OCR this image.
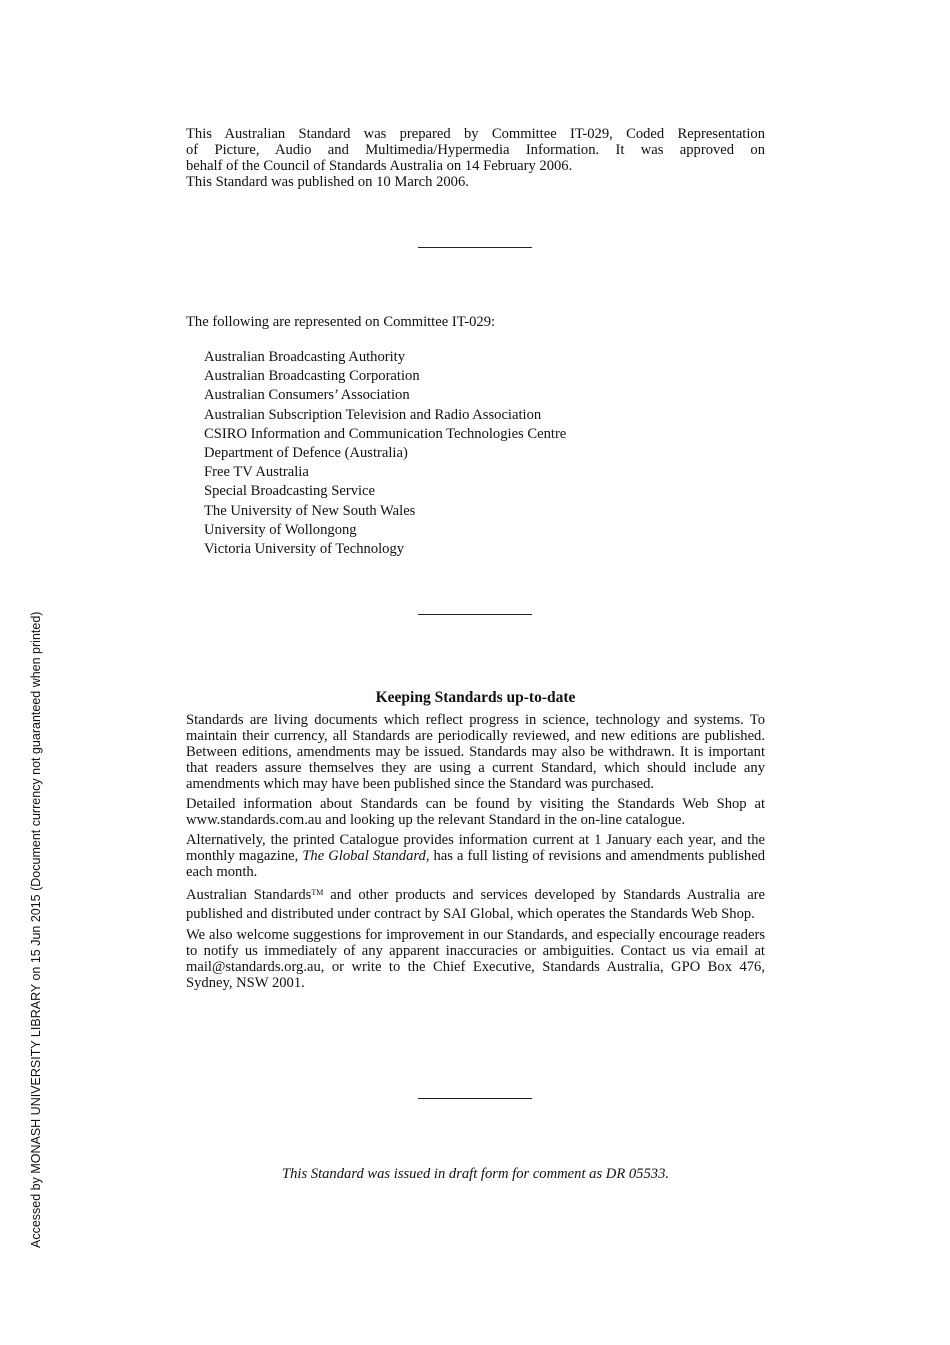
This Australian Standard was prepared by Committee IT-029, Coded Representation
of Picture, Audio and Multimedia/Hypermedia Information. It was approved on
behalf of the Council of Standards Australia on 14 February 2006.
This Standard was published on 10 March 2006.
The following are represented on Committee IT-029:
Australian Broadcasting Authority
Australian Broadcasting Corporation
Australian Consumers’ Association
Australian Subscription Television and Radio Association
CSIRO Information and Communication Technologies Centre
Department of Defence (Australia)
Free TV Australia
Special Broadcasting Service
The University of New South Wales
University of Wollongong
Victoria University of Technology
Keeping Standards up-to-date

Standards are living documents which reflect progress in science, technology and systems. To maintain their currency, all Standards are periodically reviewed, and new editions are published. Between editions, amendments may be issued. Standards may also be withdrawn. It is important that readers assure themselves they are using a current Standard, which should include any amendments which may have been published since the Standard was purchased.

Detailed information about Standards can be found by visiting the Standards Web Shop at www.standards.com.au and looking up the relevant Standard in the on-line catalogue.

Alternatively, the printed Catalogue provides information current at 1 January each year, and the monthly magazine, The Global Standard, has a full listing of revisions and amendments published each month.

Australian Standards™ and other products and services developed by Standards Australia are published and distributed under contract by SAI Global, which operates the Standards Web Shop.

We also welcome suggestions for improvement in our Standards, and especially encourage readers to notify us immediately of any apparent inaccuracies or ambiguities. Contact us via email at mail@standards.org.au, or write to the Chief Executive, Standards Australia, GPO Box 476, Sydney, NSW 2001.

This Standard was issued in draft form for comment as DR 05533.
Accessed by MONASH UNIVERSITY LIBRARY on 15 Jun 2015 (Document currency not guaranteed when printed)
